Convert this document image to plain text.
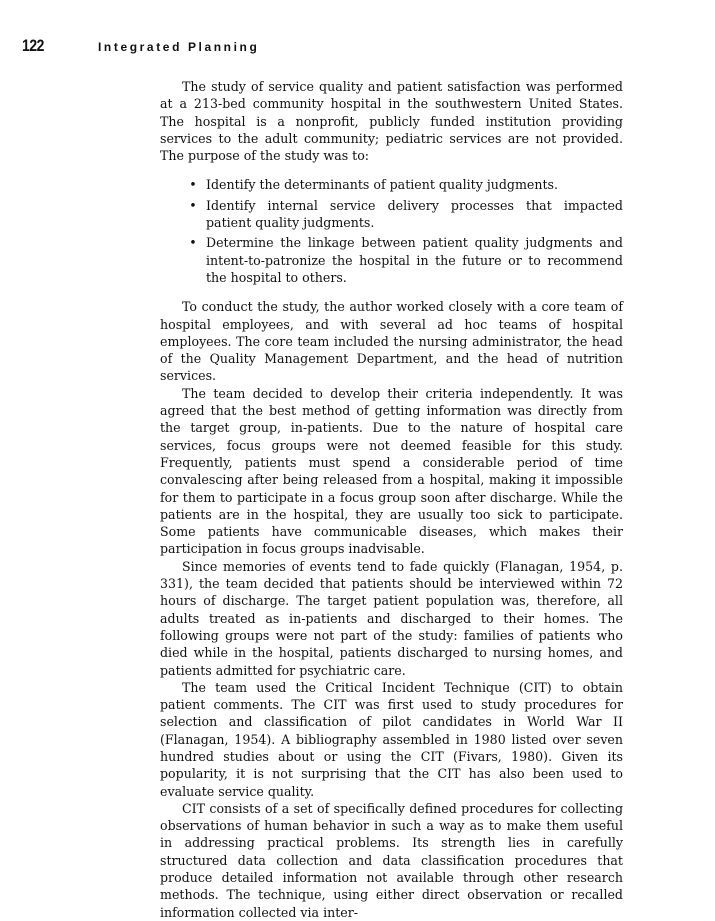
122	Integrated Planning

The study of service quality and patient satisfaction was performed at a 213-bed community hospital in the southwestern United States. The hospital is a nonprofit, publicly funded institution providing services to the adult community; pediatric services are not provided. The purpose of the study was to:

• Identify the determinants of patient quality judgments.
• Identify internal service delivery processes that impacted patient quality judgments.
• Determine the linkage between patient quality judgments and intent-to-patronize the hospital in the future or to recommend the hospital to others.

To conduct the study, the author worked closely with a core team of hospital employees, and with several ad hoc teams of hospital employees. The core team included the nursing administrator, the head of the Quality Management Department, and the head of nutrition services.

The team decided to develop their criteria independently. It was agreed that the best method of getting information was directly from the target group, in-patients. Due to the nature of hospital care services, focus groups were not deemed feasible for this study. Frequently, patients must spend a considerable period of time convalescing after being released from a hospital, making it impossible for them to participate in a focus group soon after discharge. While the patients are in the hospital, they are usually too sick to participate. Some patients have communicable diseases, which makes their participation in focus groups inadvisable.

Since memories of events tend to fade quickly (Flanagan, 1954, p. 331), the team decided that patients should be interviewed within 72 hours of discharge. The target patient population was, therefore, all adults treated as in-patients and discharged to their homes. The following groups were not part of the study: families of patients who died while in the hospital, patients discharged to nursing homes, and patients admitted for psychiatric care.

The team used the Critical Incident Technique (CIT) to obtain patient comments. The CIT was first used to study procedures for selection and classification of pilot candidates in World War II (Flanagan, 1954). A bibliography assembled in 1980 listed over seven hundred studies about or using the CIT (Fivars, 1980). Given its popularity, it is not surprising that the CIT has also been used to evaluate service quality.

CIT consists of a set of specifically defined procedures for collecting observations of human behavior in such a way as to make them useful in addressing practical problems. Its strength lies in carefully structured data collection and data classification procedures that produce detailed information not available through other research methods. The technique, using either direct observation or recalled information collected via inter-
